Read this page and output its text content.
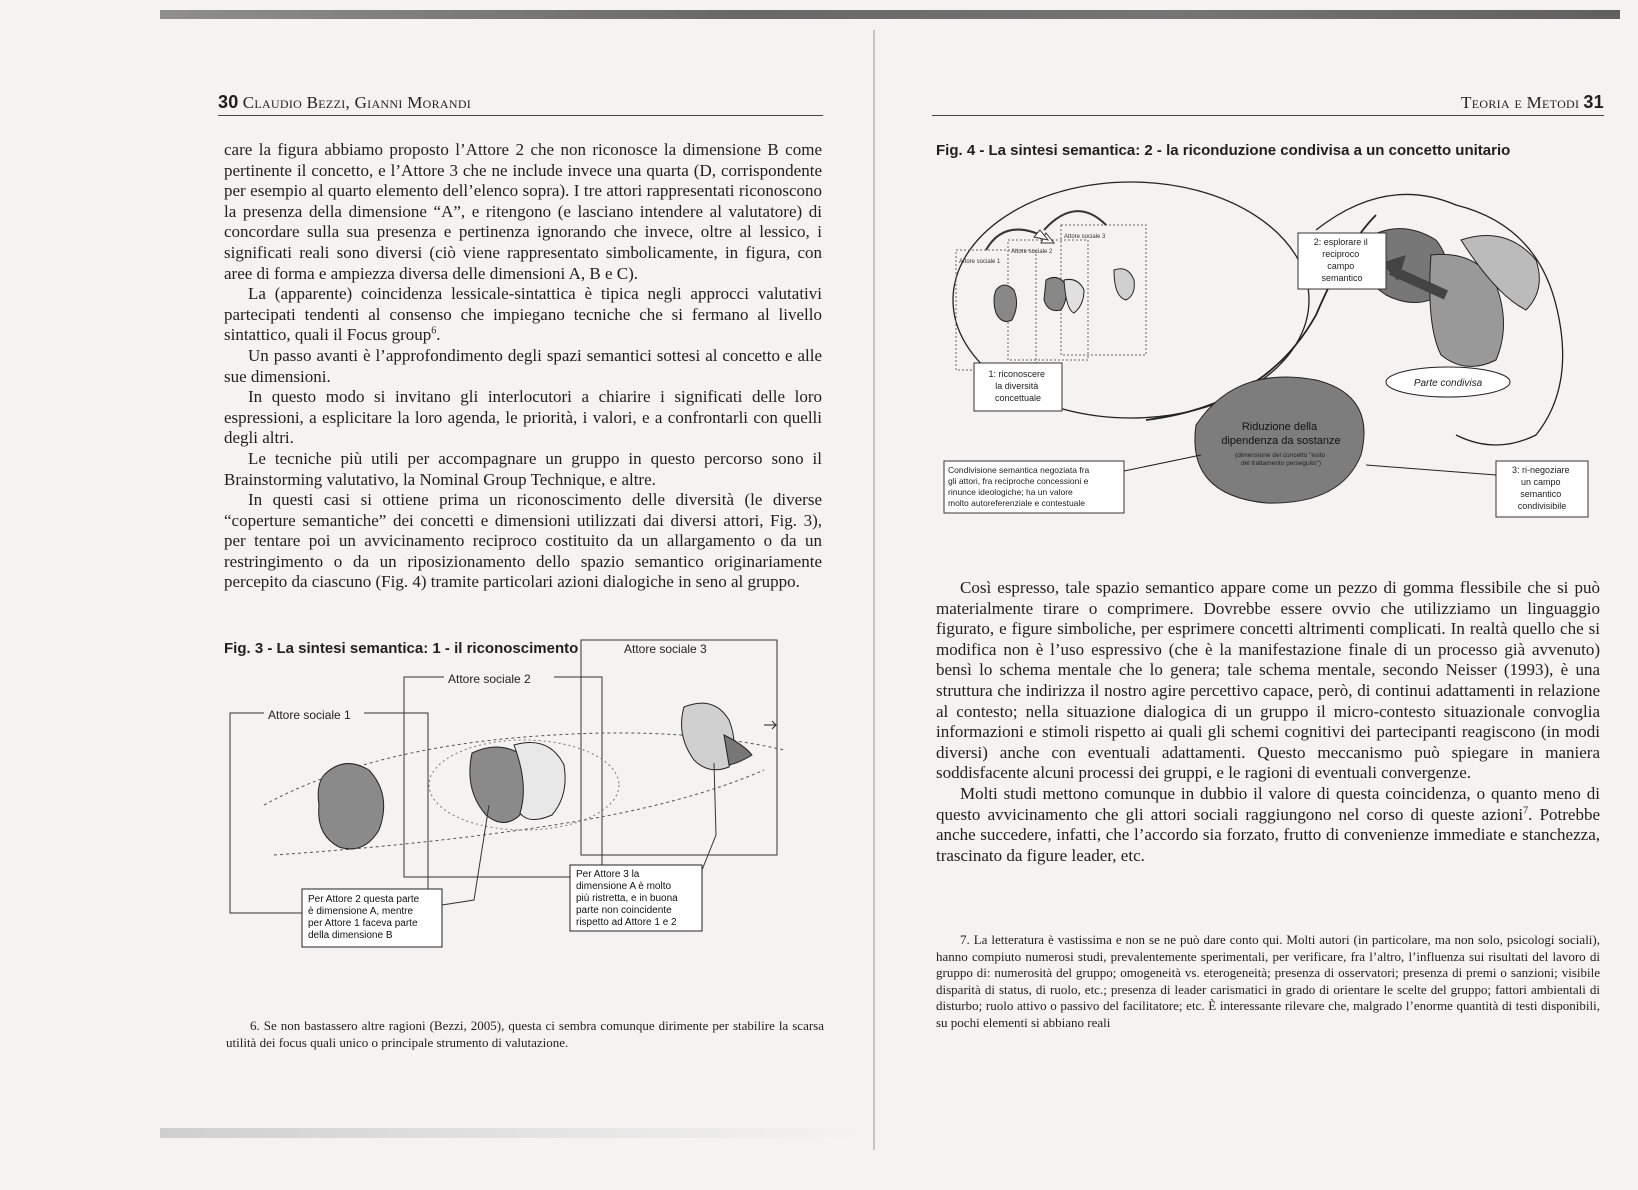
30 Claudio Bezzi, Gianni Morandi

care la figura abbiamo proposto l’Attore 2 che non riconosce la dimensione B come pertinente il concetto, e l’Attore 3 che ne include invece una quarta (D, corrispondente per esempio al quarto elemento dell’elenco sopra). I tre attori rappresentati riconoscono la presenza della dimensione “A”, e ritengono (e lasciano intendere al valutatore) di concordare sulla sua presenza e pertinenza ignorando che invece, oltre al lessico, i significati reali sono diversi (ciò viene rappresentato simbolicamente, in figura, con aree di forma e ampiezza diversa delle dimensioni A, B e C).

La (apparente) coincidenza lessicale-sintattica è tipica negli approcci valutativi partecipati tendenti al consenso che impiegano tecniche che si fermano al livello sintattico, quali il Focus group$^6$.

Un passo avanti è l’approfondimento degli spazi semantici sottesi al concetto e alle sue dimensioni.

In questo modo si invitano gli interlocutori a chiarire i significati delle loro espressioni, a esplicitare la loro agenda, le priorità, i valori, e a confrontarli con quelli degli altri.

Le tecniche più utili per accompagnare un gruppo in questo percorso sono il Brainstorming valutativo, la Nominal Group Technique, e altre.

In questi casi si ottiene prima un riconoscimento delle diversità (le diverse “coperture semantiche” dei concetti e dimensioni utilizzati dai diversi attori, Fig. 3), per tentare poi un avvicinamento reciproco costituito da un allargamento o da un restringimento o da un riposizionamento dello spazio semantico originariamente percepito da ciascuno (Fig. 4) tramite particolari azioni dialogiche in seno al gruppo.

Fig. 3 - La sintesi semantica: 1 - il riconoscimento
Attore sociale 1
Attore sociale 2
Attore sociale 3
Per Attore 2 questa parte è dimensione A, mentre per Attore 1 faceva parte della dimensione B
Per Attore 3 la dimensione A è molto più ristretta, e in buona parte non coincidente rispetto ad Attore 1 e 2

6. Se non bastassero altre ragioni (Bezzi, 2005), questa ci sembra comunque dirimente per stabilire la scarsa utilità dei focus quali unico o principale strumento di valutazione.

Teoria e Metodi 31
Fig. 4 - La sintesi semantica: 2 - la riconduzione condivisa a un concetto unitario
Attore sociale 1
Attore sociale 2
Attore sociale 3
1: riconoscere la diversità concettuale
2: esplorare il reciproco campo semantico
Parte condivisa
Riduzione della dipendenza da sostanze
(dimensione del concetto "esito del trattamento perseguito")
Condivisione semantica negoziata fra gli attori, fra reciproche concessioni e rinunce ideologiche; ha un valore molto autoreferenziale e contestuale
3: ri-negoziare un campo semantico condivisibile

Così espresso, tale spazio semantico appare come un pezzo di gomma flessibile che si può materialmente tirare o comprimere. Dovrebbe essere ovvio che utilizziamo un linguaggio figurato, e figure simboliche, per esprimere concetti altrimenti complicati. In realtà quello che si modifica non è l’uso espressivo (che è la manifestazione finale di un processo già avvenuto) bensì lo schema mentale che lo genera; tale schema mentale, secondo Neisser (1993), è una struttura che indirizza il nostro agire percettivo capace, però, di continui adattamenti in relazione al contesto; nella situazione dialogica di un gruppo il micro-contesto situazionale convoglia informazioni e stimoli rispetto ai quali gli schemi cognitivi dei partecipanti reagiscono (in modi diversi) anche con eventuali adattamenti. Questo meccanismo può spiegare in maniera soddisfacente alcuni processi dei gruppi, e le ragioni di eventuali convergenze.

Molti studi mettono comunque in dubbio il valore di questa coincidenza, o quanto meno di questo avvicinamento che gli attori sociali raggiungono nel corso di queste azioni$^7$. Potrebbe anche succedere, infatti, che l’accordo sia forzato, frutto di convenienze immediate e stanchezza, trascinato da figure leader, etc.

7. La letteratura è vastissima e non se ne può dare conto qui. Molti autori (in particolare, ma non solo, psicologi sociali), hanno compiuto numerosi studi, prevalentemente sperimentali, per verificare, fra l’altro, l’influenza sui risultati del lavoro di gruppo di: numerosità del gruppo; omogeneità vs. eterogeneità; presenza di osservatori; presenza di premi o sanzioni; visibile disparità di status, di ruolo, etc.; presenza di leader carismatici in grado di orientare le scelte del gruppo; fattori ambientali di disturbo; ruolo attivo o passivo del facilitatore; etc. È interessante rilevare che, malgrado l’enorme quantità di testi disponibili, su pochi elementi si abbiano reali
